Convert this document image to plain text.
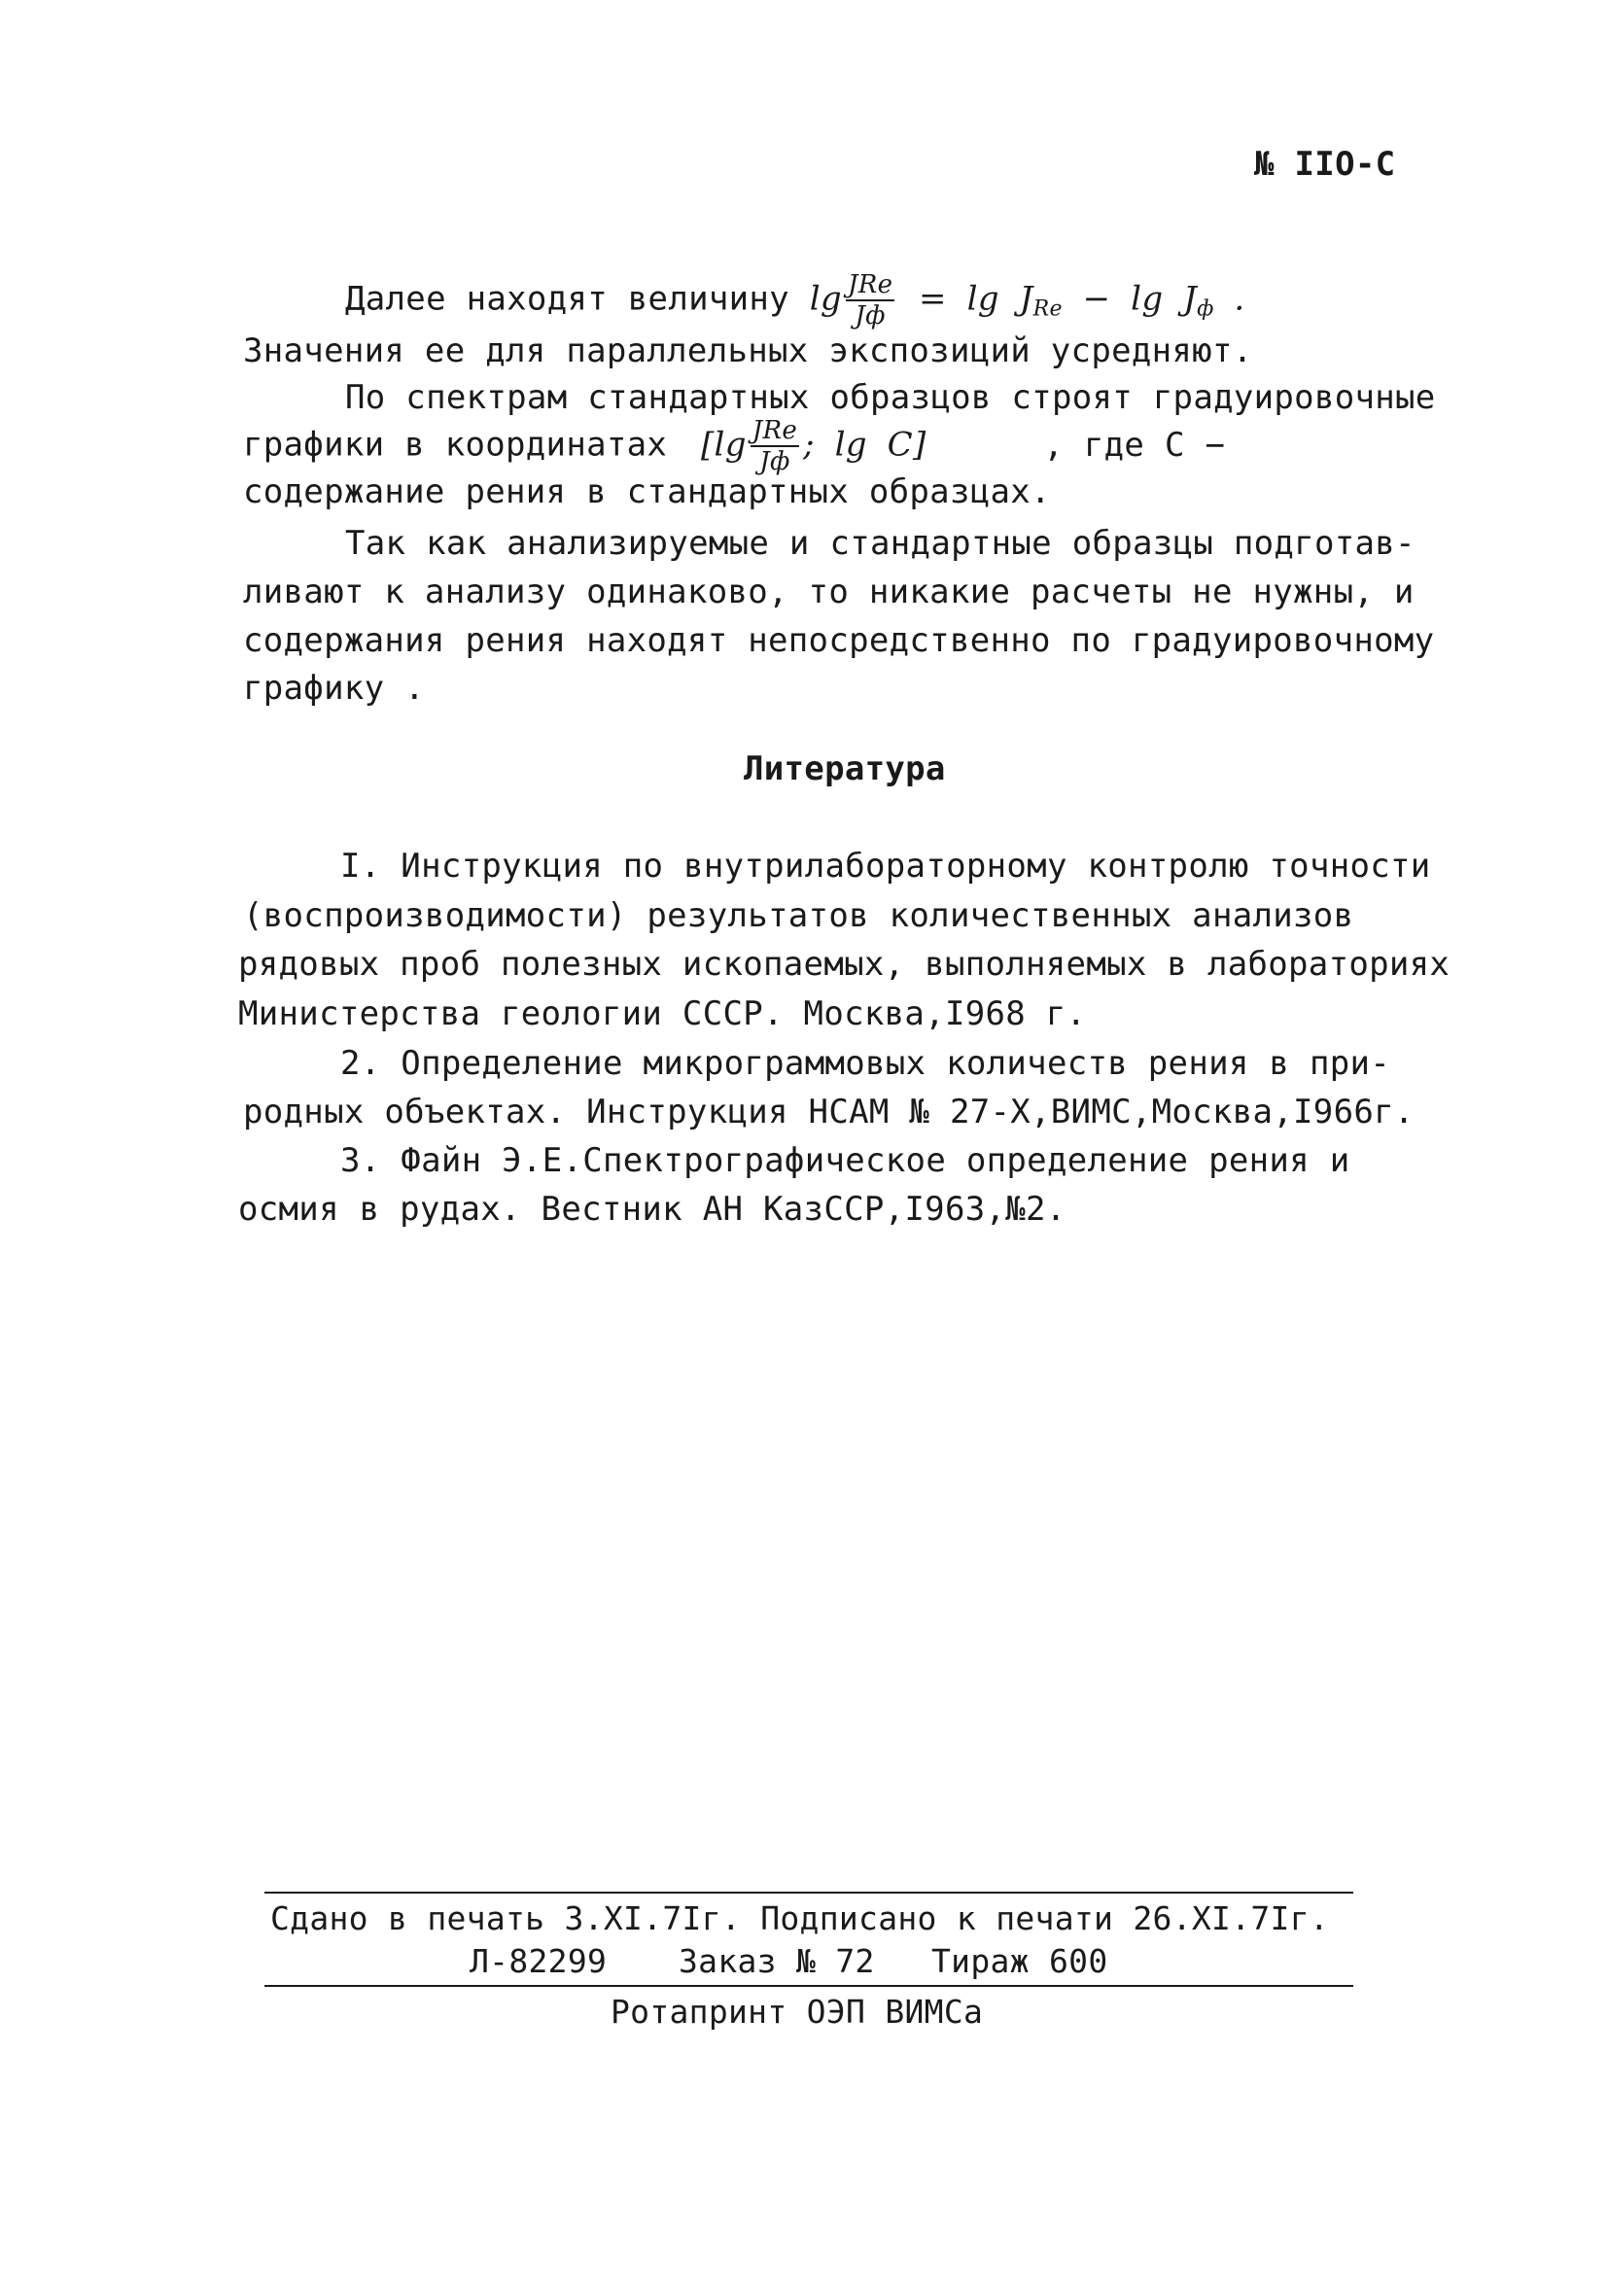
№ IIO-C
Далее находят величину $\lg \frac{\text{ЈRe}}{Јф} = \lg Ј_{Re} - \lg Ј_ф$ .
Значения ее для параллельных экспозиций усредняют.
По спектрам стандартных образцов строят градуировочные
графики в координатах [$\lg \frac{\text{ЈRe}}{Јф}$ ; lg C]	, где С −
содержание рения в стандартных образцах.
Так как анализируемые и стандартные образцы подготав-
ливают к анализу одинаково, то никакие расчеты не нужны, и
содержания рения находят непосредственно по градуировочному
графику .
Литература
I. Инструкция по внутрилабораторному контролю точности
(воспроизводимости) результатов количественных анализов
рядовых проб полезных ископаемых, выполняемых в лабораториях
Министерства геологии СССР. Москва,I968 г.
2. Определение микрограммовых количеств рения в при-
родных объектах. Инструкция НСАМ № 27-Х,ВИМС,Москва,I966г.
3. Файн Э.Е.Спектрографическое определение рения и
осмия в рудах. Вестник АН КазССР,I963,№2.
Сдано в печать 3.XI.7Iг. Подписано к печати 26.XI.7Iг.
Л-82299 Заказ № 72 Тираж 600
Ротапринт ОЭП ВИМСа
